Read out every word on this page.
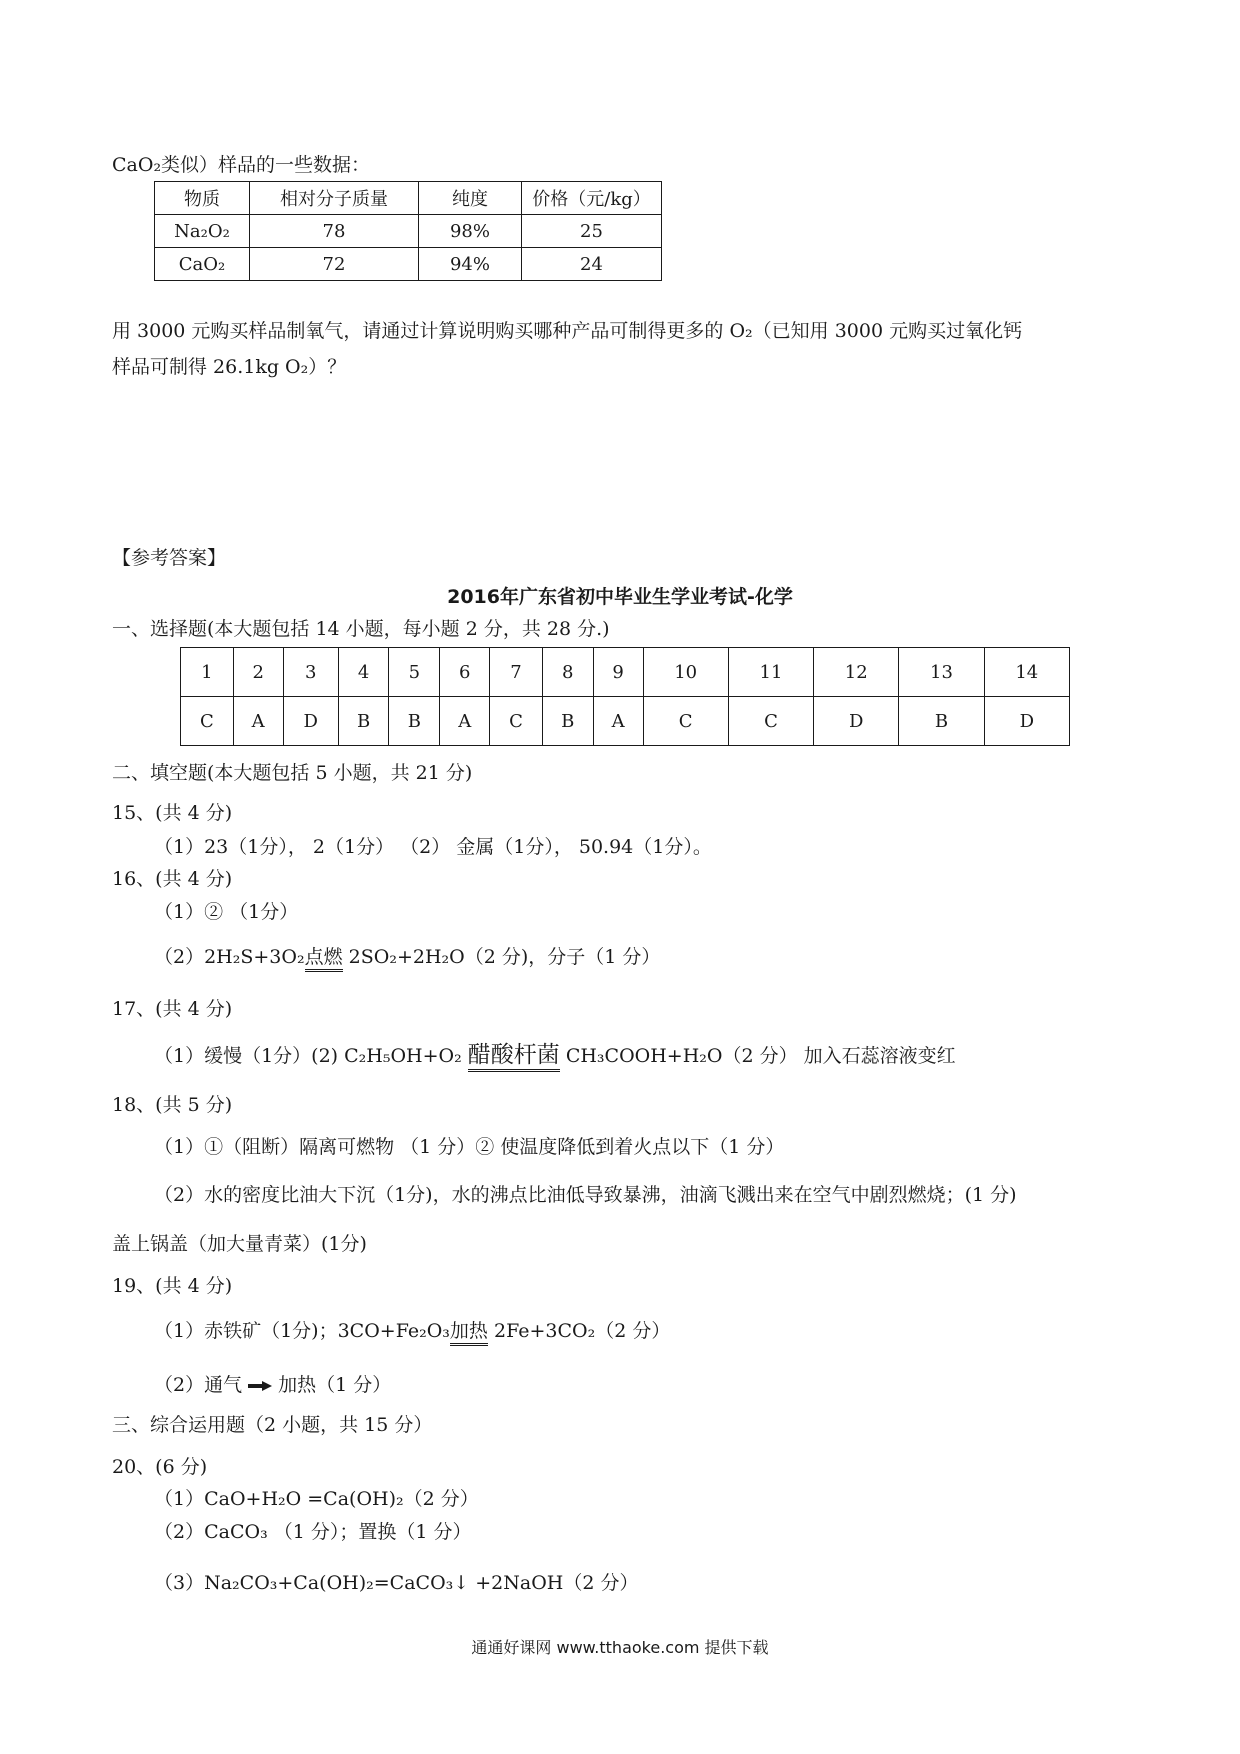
CaO₂类似）样品的一些数据：
物质	相对分子质量	纯度	价格（元/kg）
Na₂O₂	78	98%	25
CaO₂	72	94%	24
用 3000 元购买样品制氧气，请通过计算说明购买哪种产品可制得更多的 O₂（已知用 3000 元购买过氧化钙
样品可制得 26.1kg O₂）？
【参考答案】
2016年广东省初中毕业生学业考试-化学
一、选择题(本大题包括 14 小题，每小题 2 分，共 28 分.)
1	2	3	4	5	6	7	8	9	10	11	12	13	14
C	A	D	B	B	A	C	B	A	C	C	D	B	D
二、填空题(本大题包括 5 小题，共 21 分)
15、(共 4 分)
（1）23（1分）， 2（1分） （2） 金属（1分）， 50.94（1分）。
16、(共 4 分)
（1）② （1分）
（2）2H₂S+3O₂点燃 2SO₂+2H₂O（2 分)，分子（1 分）
17、(共 4 分)
（1）缓慢（1分）(2) C₂H₅OH+O₂ 醋酸杆菌 CH₃COOH+H₂O（2 分） 加入石蕊溶液变红
18、(共 5 分)
（1）①（阻断）隔离可燃物 （1 分）② 使温度降低到着火点以下（1 分）
（2）水的密度比油大下沉（1分)，水的沸点比油低导致暴沸，油滴飞溅出来在空气中剧烈燃烧；(1 分)
盖上锅盖（加大量青菜）(1分)
19、(共 4 分)
（1）赤铁矿（1分)；3CO+Fe₂O₃加热 2Fe+3CO₂（2 分）
（2）通气 加热（1 分）
三、综合运用题（2 小题，共 15 分）
20、(6 分)
（1）CaO+H₂O =Ca(OH)₂（2 分）
（2）CaCO₃ （1 分）；置换（1 分）
（3）Na₂CO₃+Ca(OH)₂=CaCO₃↓ +2NaOH（2 分）
通通好课网 www.tthaoke.com 提供下载
